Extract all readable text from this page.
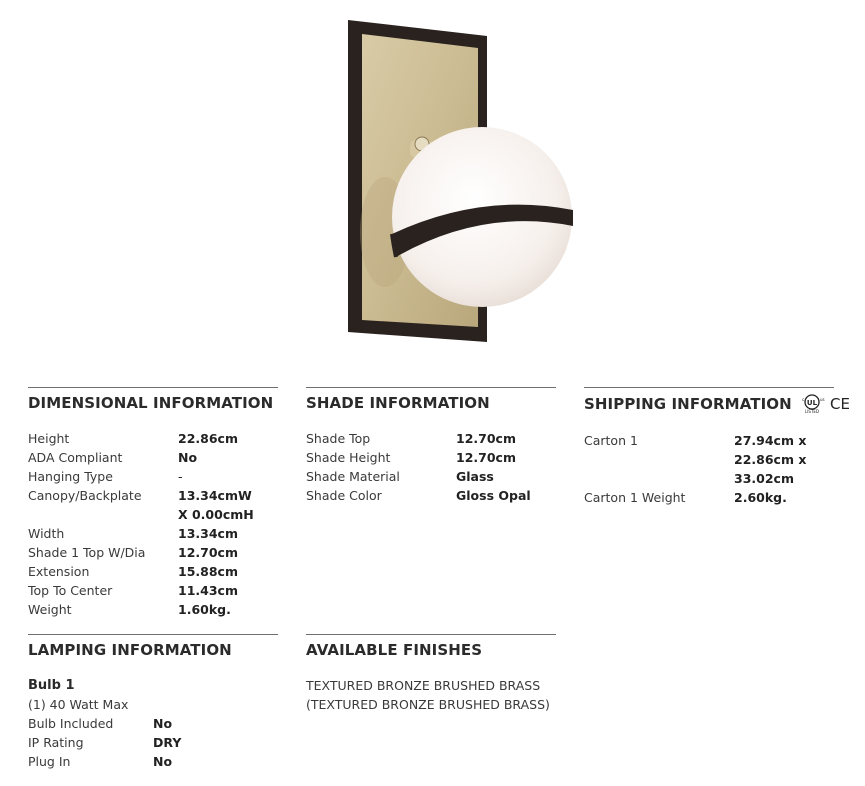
DIMENSIONAL INFORMATION
Height	22.86cm
ADA Compliant	No
Hanging Type	-
Canopy/Backplate	13.34cmW X 0.00cmH
Width	13.34cm
Shade 1 Top W/Dia	12.70cm
Extension	15.88cm
Top To Center	11.43cm
Weight	1.60kg.
SHADE INFORMATION
Shade Top	12.70cm
Shade Height	12.70cm
Shade Material	Glass
Shade Color	Gloss Opal
SHIPPING INFORMATION UL
c	us
LISTED CE
Carton 1	27.94cm x 22.86cm x 33.02cm
Carton 1 Weight	2.60kg.
LAMPING INFORMATION
Bulb 1
(1) 40 Watt Max
Bulb Included	No
IP Rating	DRY
Plug In	No
AVAILABLE FINISHES
TEXTURED BRONZE BRUSHED BRASS
(TEXTURED BRONZE BRUSHED BRASS)
